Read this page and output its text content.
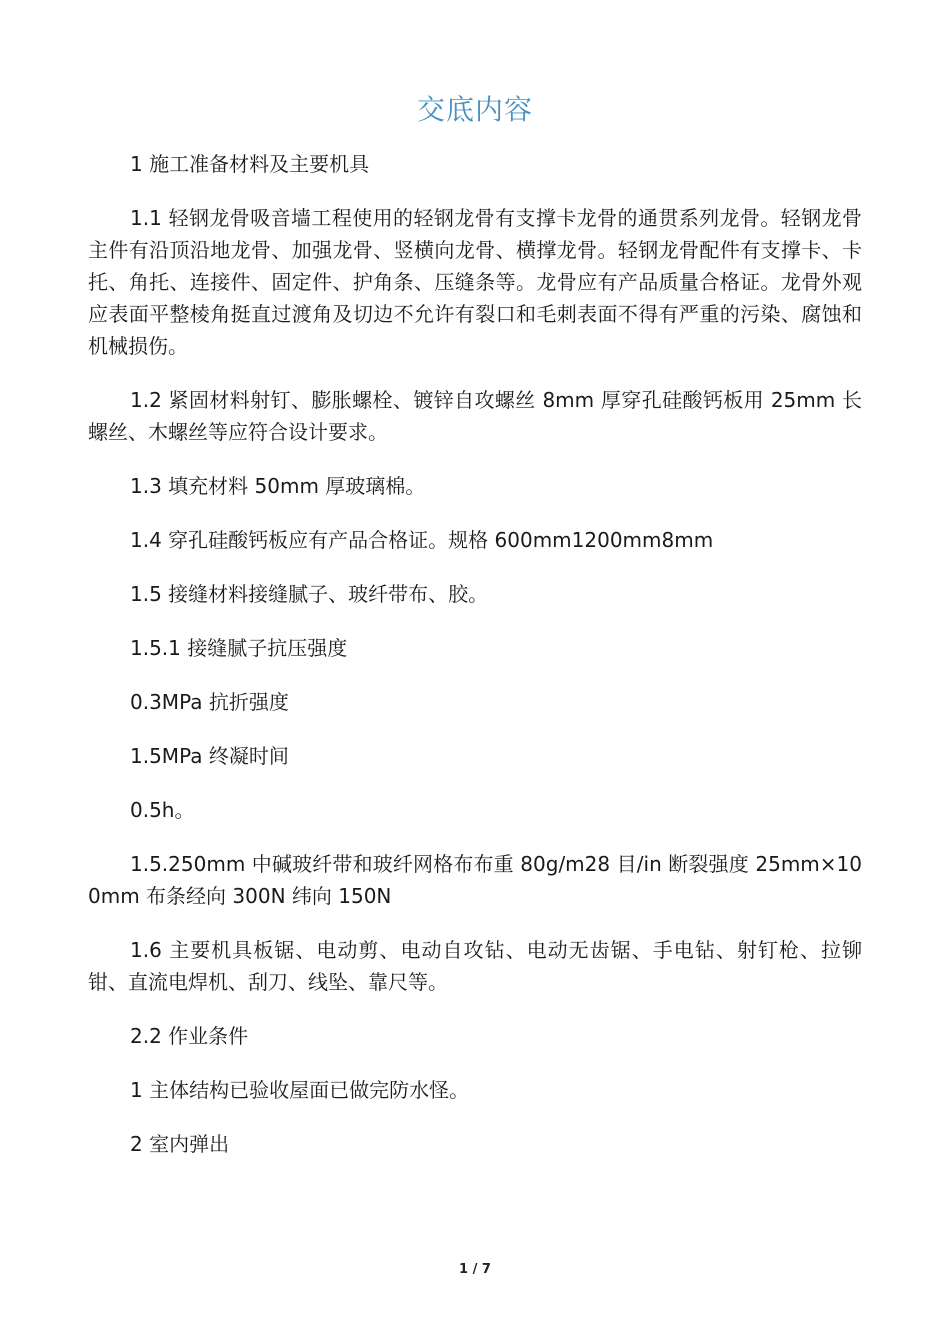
交底内容

1 施工准备材料及主要机具

1.1 轻钢龙骨吸音墙工程使用的轻钢龙骨有支撑卡龙骨的通贯系列龙骨。轻钢龙骨主件有沿顶沿地龙骨、加强龙骨、竖横向龙骨、横撑龙骨。轻钢龙骨配件有支撑卡、卡托、角托、连接件、固定件、护角条、压缝条等。龙骨应有产品质量合格证。龙骨外观应表面平整棱角挺直过渡角及切边不允许有裂口和毛刺表面不得有严重的污染、腐蚀和机械损伤。

1.2 紧固材料射钉、膨胀螺栓、镀锌自攻螺丝 8mm 厚穿孔硅酸钙板用 25mm 长螺丝、木螺丝等应符合设计要求。

1.3 填充材料 50mm 厚玻璃棉。

1.4 穿孔硅酸钙板应有产品合格证。规格 600mm1200mm8mm

1.5 接缝材料接缝腻子、玻纤带布、胶。

1.5.1 接缝腻子抗压强度

0.3MPa 抗折强度

1.5MPa 终凝时间

0.5h。

1.5.250mm 中碱玻纤带和玻纤网格布布重 80g/m28 目/in 断裂强度 25mm×100mm 布条经向 300N 纬向 150N

1.6 主要机具板锯、电动剪、电动自攻钻、电动无齿锯、手电钻、射钉枪、拉铆钳、直流电焊机、刮刀、线坠、靠尺等。

2.2 作业条件

1 主体结构已验收屋面已做完防水怪。

2 室内弹出

1 / 7
